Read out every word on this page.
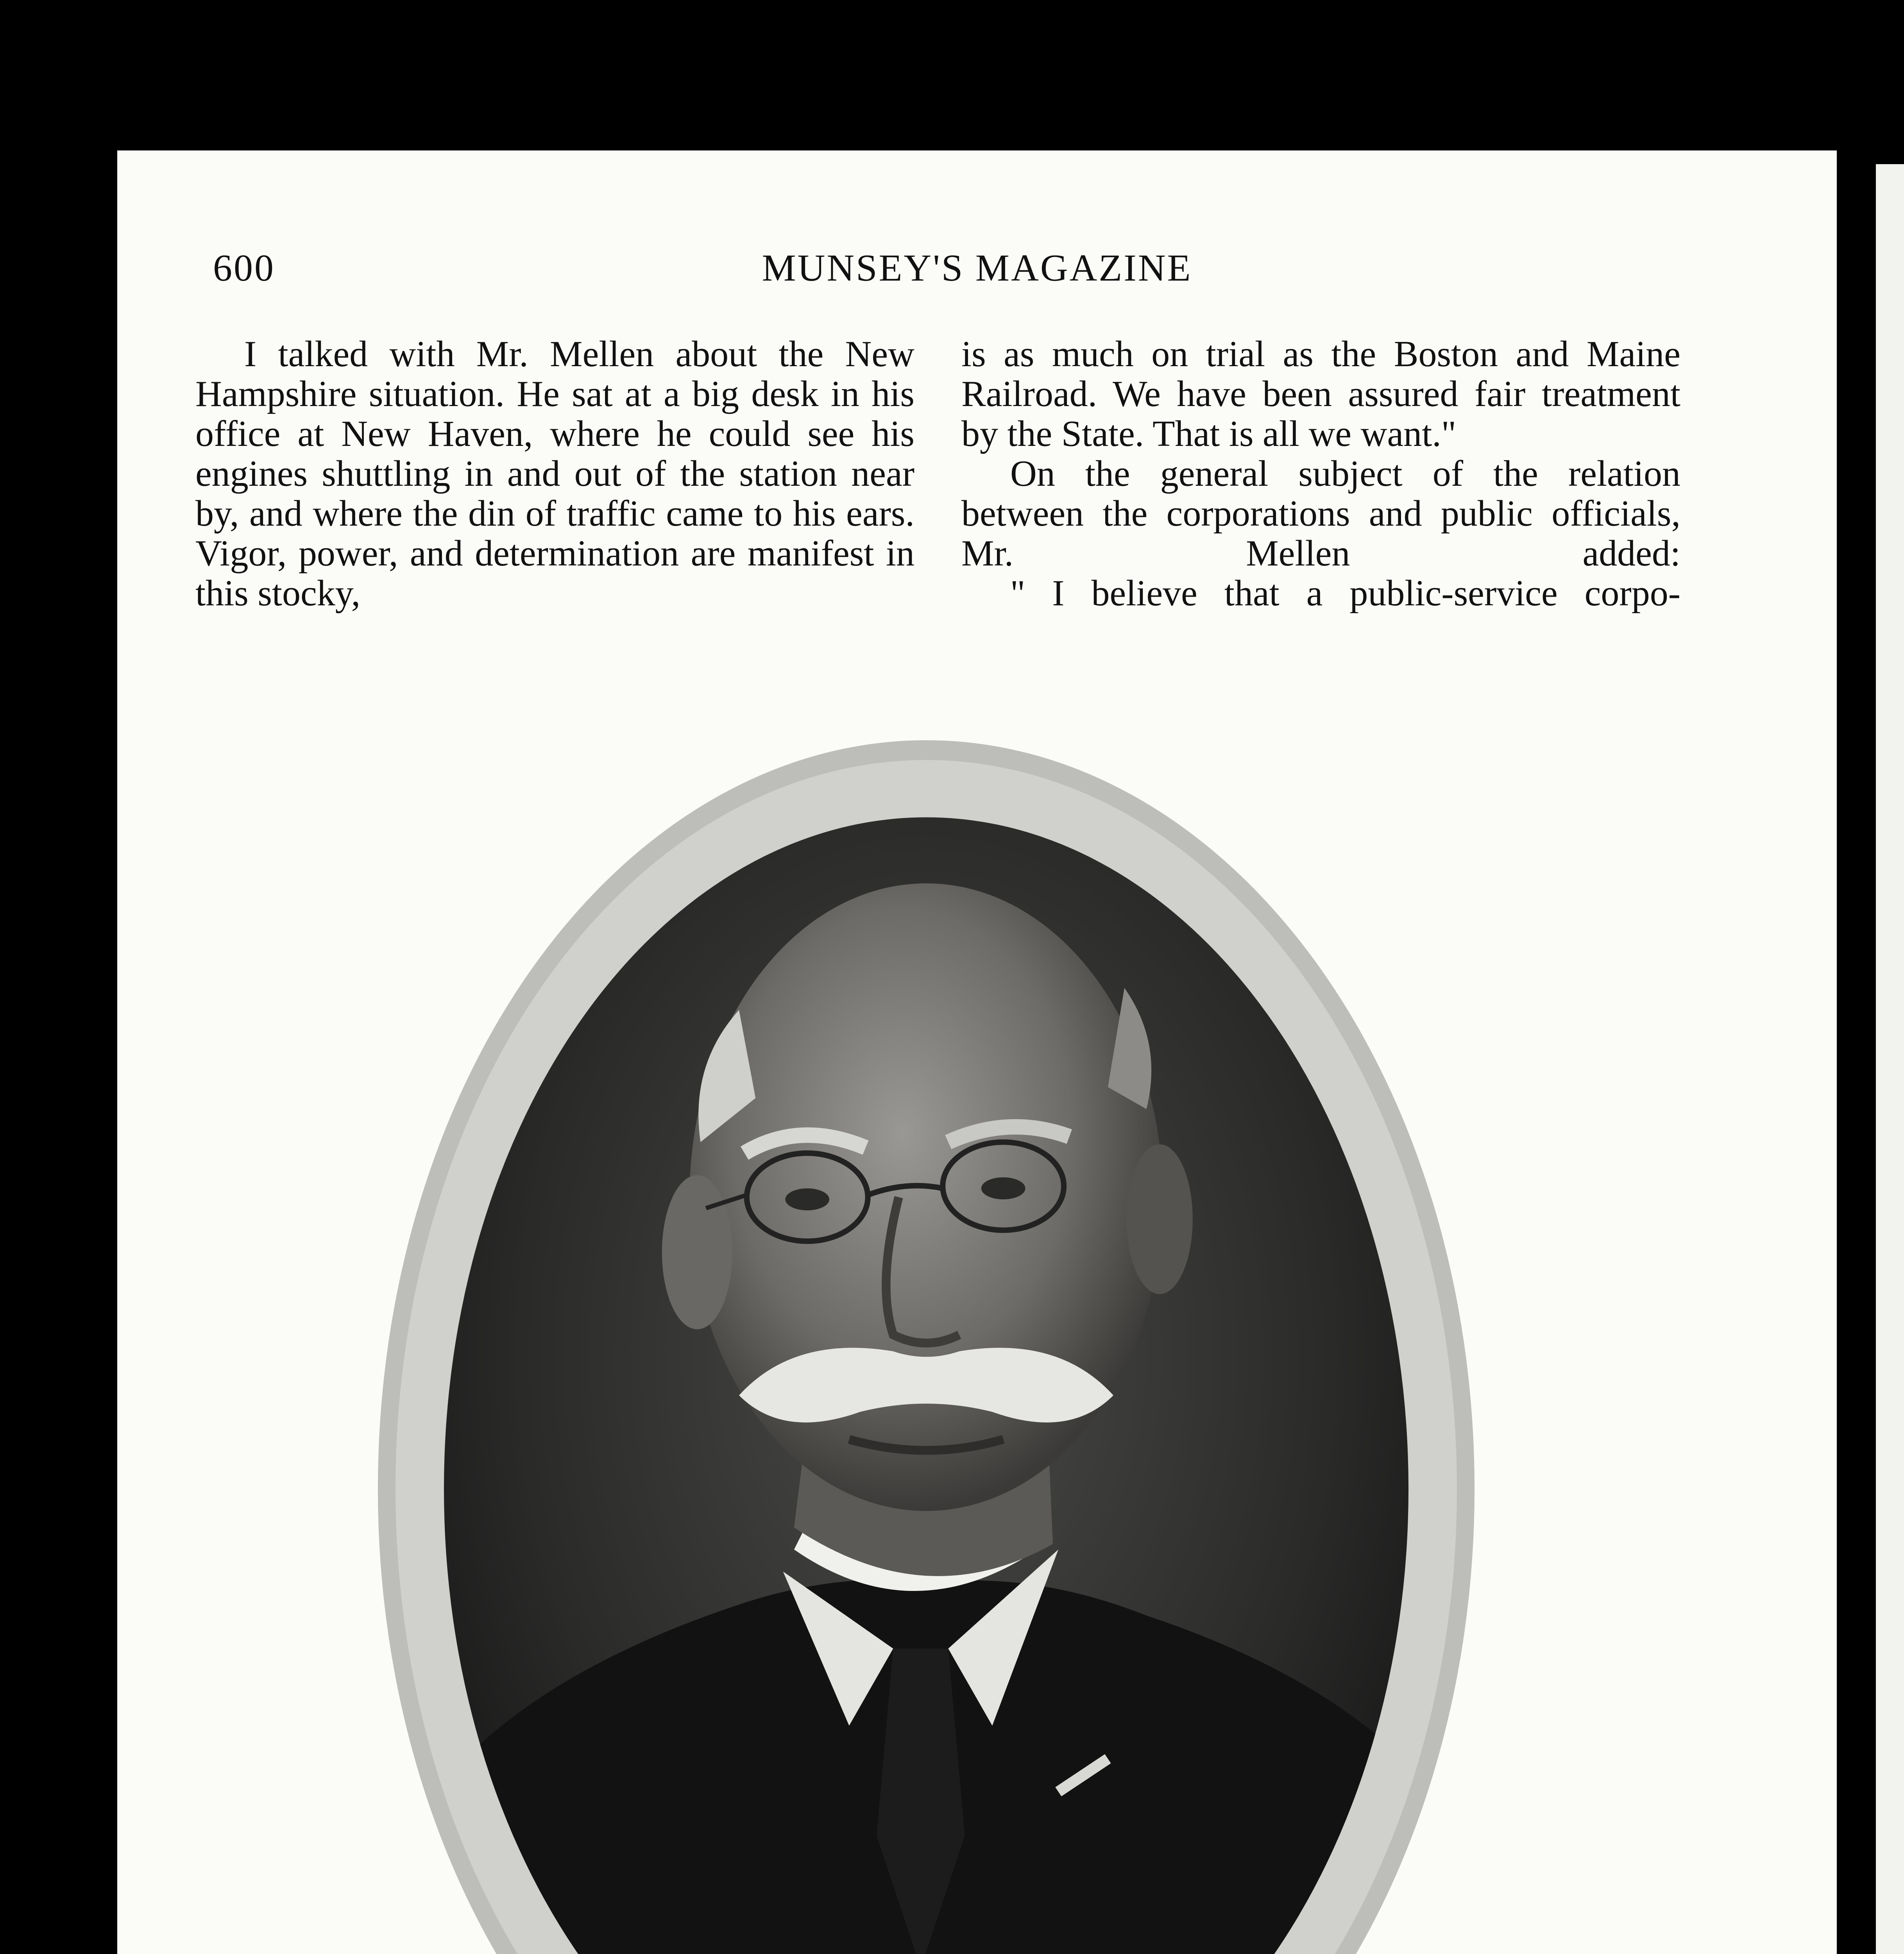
600	MUNSEY'S MAGAZINE

I talked with Mr. Mellen about the New Hampshire situation. He sat at a big desk in his office at New Haven, where he could see his engines shuttling in and out of the station near by, and where the din of traffic came to his ears. Vigor, power, and determination are manifest in this stocky,

is as much on trial as the Boston and Maine Railroad. We have been assured fair treatment by the State. That is all we want."

On the general subject of the relation between the corporations and public officials, Mr. Mellen added:

" I believe that a public-service corpo-
